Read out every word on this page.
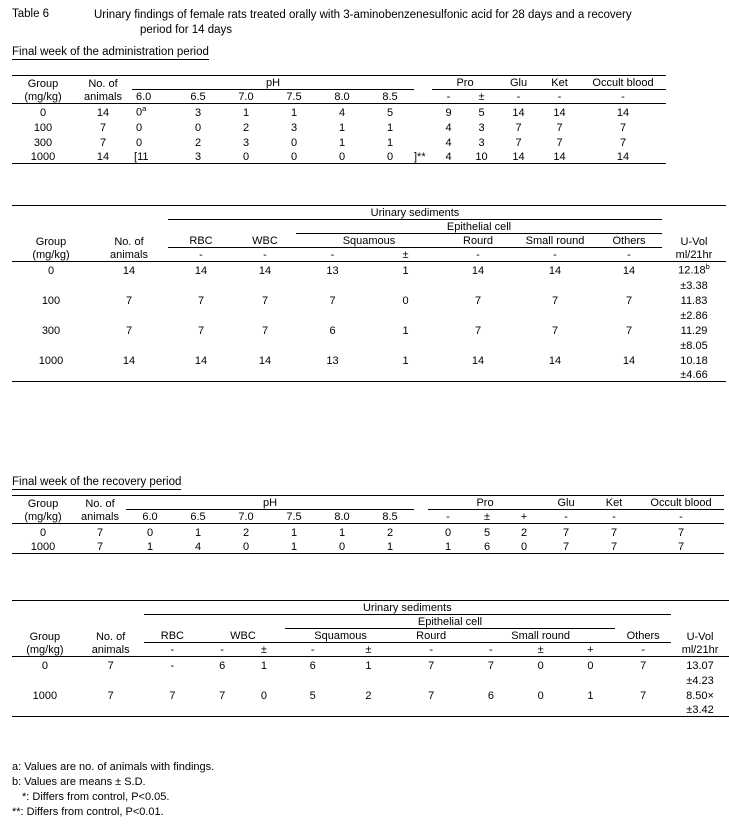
Table 6	Urinary findings of female rats treated orally with 3-aminobenzenesulfonic acid for 28 days and a recovery
period for 14 days
Final week of the administration period
Group	No. of	pH							Pro		Glu	Ket	Occult blood
(mg/kg)	animals	6.0	6.5	7.0	7.5	8.0	8.5		-	±	-	-	-
0	14	0$^a$	3	1	1	4	5		9	5	14	14	14
100	7	0	0	2	3	1	1		4	3	7	7	7
300	7	0	2	3	0	1	1		4	3	7	7	7
1000	14	[11	3	0	0	0	0	]**	4	10	14	14	14
		Urinary sediments							
				Epithelial cell					
Group	No. of	RBC	WBC	Squamous		Rourd	Small round	Others	U-Vol
(mg/kg)	animals	-	-	-	±	-	-	-	ml/21hr
0	14	14	14	13	1	14	14	14	12.18$^b$
									±3.38
100	7	7	7	7	0	7	7	7	11.83
									±2.86
300	7	7	7	6	1	7	7	7	11.29
									±8.05
1000	14	14	14	13	1	14	14	14	10.18
									±4.66
Final week of the recovery period
Group	No. of	pH							Pro			Glu	Ket	Occult blood
(mg/kg)	animals	6.0	6.5	7.0	7.5	8.0	8.5		-	±	+	-	-	-
0	7	0	1	2	1	1	2		0	5	2	7	7	7
1000	7	1	4	0	1	0	1		1	6	0	7	7	7
		Urinary sediments										
					Epithelial cell							
Group	No. of	RBC	WBC		Squamous		Rourd	Small round			Others	U-Vol
(mg/kg)	animals	-	-	±	-	±	-	-	±	+	-	ml/21hr
0	7	-	6	1	6	1	7	7	0	0	7	13.07
												±4.23
1000	7	7	7	0	5	2	7	6	0	1	7	8.50×
												±3.42
a: Values are no. of animals with findings.
b: Values are means ± S.D.
*: Differs from control, P<0.05.
**: Differs from control, P<0.01.
